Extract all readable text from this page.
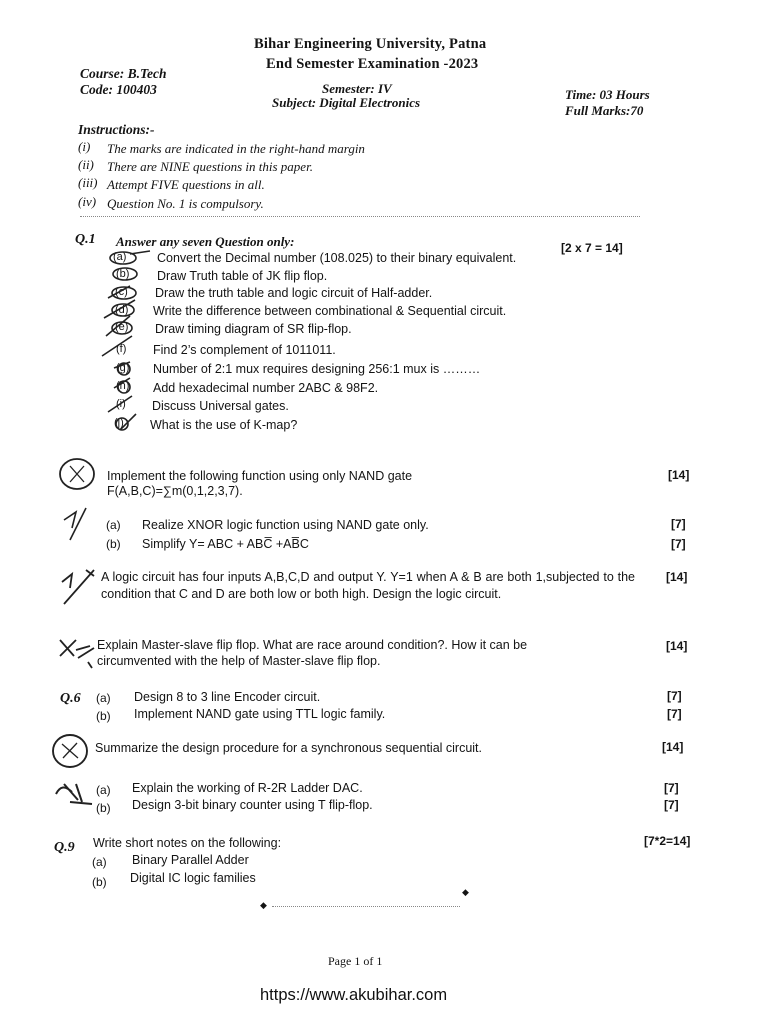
Bihar Engineering University, Patna
End Semester Examination -2023
Semester: IV
Subject: Digital Electronics
Course: B.Tech
Code: 100403	Time: 03 Hours
Full Marks:70
Instructions:-
(i) The marks are indicated in the right-hand margin
(ii) There are NINE questions in this paper.
(iii) Attempt FIVE questions in all.
(iv) Question No. 1 is compulsory.
Q.1 Answer any seven Question only:	[2 x 7 = 14]
(a) Convert the Decimal number (108.025) to their binary equivalent.
(b) Draw Truth table of JK flip flop.
(c) Draw the truth table and logic circuit of Half-adder.
(d) Write the difference between combinational & Sequential circuit.
(e) Draw timing diagram of SR flip-flop.
(f) Find 2’s complement of 1011011.
(g) Number of 2:1 mux requires designing 256:1 mux is ………
(h) Add hexadecimal number 2ABC & 98F2.
(i) Discuss Universal gates.
(j) What is the use of K-map?
Implement the following function using only NAND gate
F(A,B,C)=∑m(0,1,2,3,7).
[14]
(a) Realize XNOR logic function using NAND gate only.	[7]
(b) Simplify Y= ABC + ABC̅ +AB̅C	[7]
A logic circuit has four inputs A,B,C,D and output Y. Y=1 when A & B are both 1,subjected to the condition that C and D are both low or both high. Design the logic circuit.
[14]
Explain Master-slave flip flop. What are race around condition?. How it can be
circumvented with the help of Master-slave flip flop.
[14]
Q.6 (a) Design 8 to 3 line Encoder circuit.	[7]
(b) Implement NAND gate using TTL logic family.	[7]
Summarize the design procedure for a synchronous sequential circuit.	[14]
(a) Explain the working of R-2R Ladder DAC.	[7]
(b) Design 3-bit binary counter using T flip-flop.	[7]
Q.9 Write short notes on the following:	[7*2=14]
(a) Binary Parallel Adder
(b) Digital IC logic families
◆
◆
Page 1 of 1
https://www.akubihar.com
